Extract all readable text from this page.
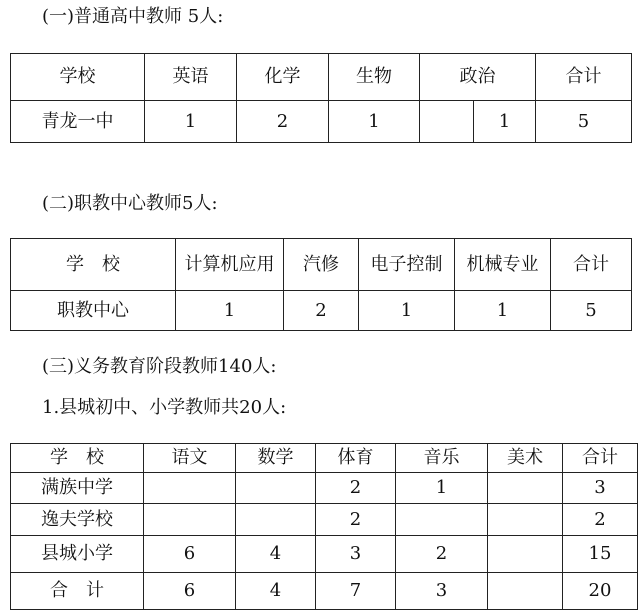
(一)普通高中教师 5人:
学校	英语	化学	生物	政治		合计
青龙一中	1	2	1		1	5
(二)职教中心教师5人:
学　校	计算机应用	汽修	电子控制	机械专业	合计
职教中心	1	2	1	1	5
(三)义务教育阶段教师140人:
1.县城初中、小学教师共20人:
学　校	语文	数学	体育	音乐	美术	合计
满族中学			2	1		3
逸夫学校			2			2
县城小学	6	4	3	2		15
合　计	6	4	7	3		20
